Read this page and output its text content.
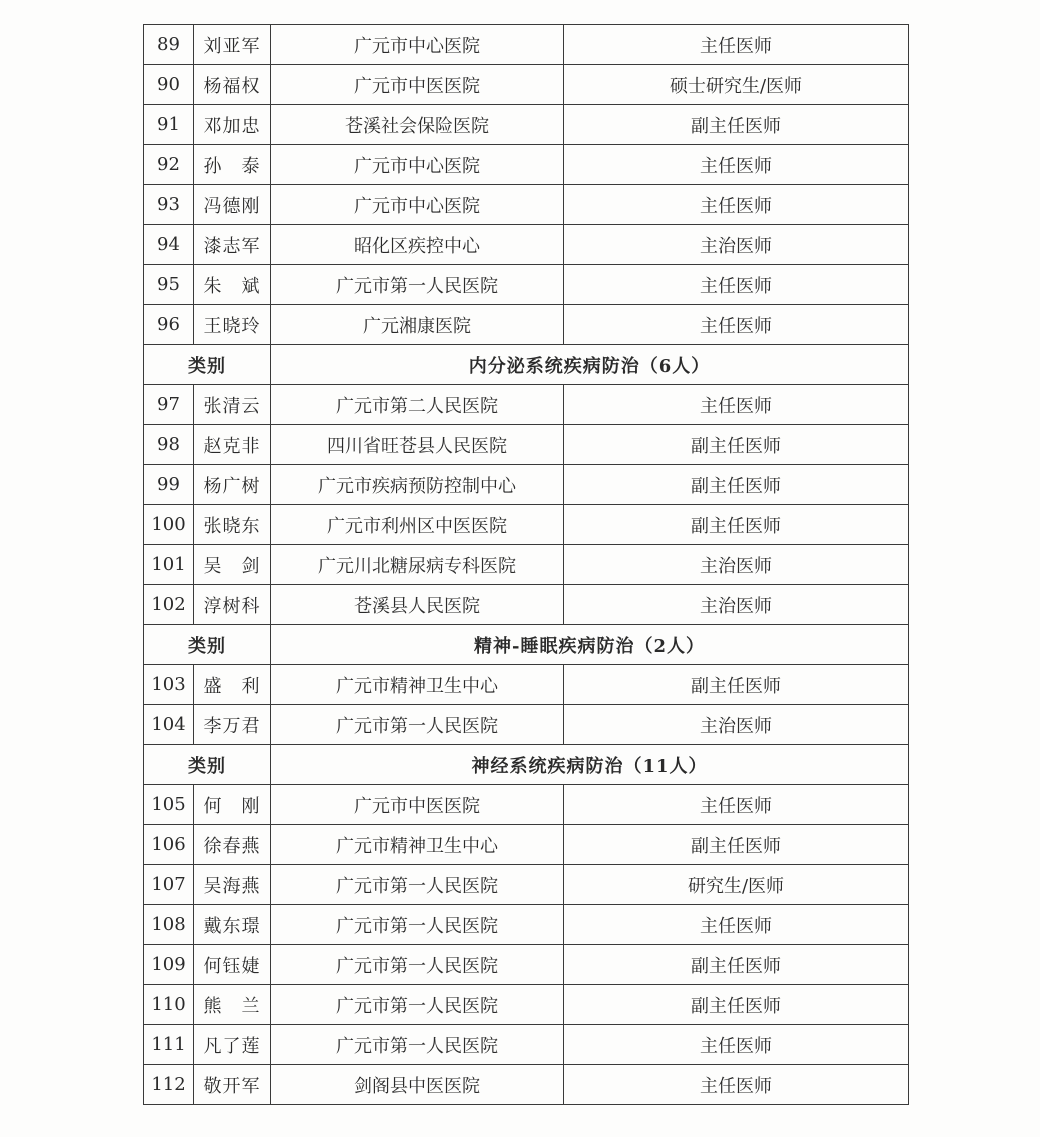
89	刘亚军	广元市中心医院	主任医师
90	杨福权	广元市中医医院	硕士研究生/医师
91	邓加忠	苍溪社会保险医院	副主任医师
92	孙　泰	广元市中心医院	主任医师
93	冯德刚	广元市中心医院	主任医师
94	漆志军	昭化区疾控中心	主治医师
95	朱　斌	广元市第一人民医院	主任医师
96	王晓玲	广元湘康医院	主任医师
类别		内分泌系统疾病防治（6人）	
97	张清云	广元市第二人民医院	主任医师
98	赵克非	四川省旺苍县人民医院	副主任医师
99	杨广树	广元市疾病预防控制中心	副主任医师
100	张晓东	广元市利州区中医医院	副主任医师
101	吴　剑	广元川北糖尿病专科医院	主治医师
102	淳树科	苍溪县人民医院	主治医师
类别		精神-睡眠疾病防治（2人）	
103	盛　利	广元市精神卫生中心	副主任医师
104	李万君	广元市第一人民医院	主治医师
类别		神经系统疾病防治（11人）	
105	何　刚	广元市中医医院	主任医师
106	徐春燕	广元市精神卫生中心	副主任医师
107	吴海燕	广元市第一人民医院	研究生/医师
108	戴东璟	广元市第一人民医院	主任医师
109	何钰婕	广元市第一人民医院	副主任医师
110	熊　兰	广元市第一人民医院	副主任医师
111	凡了莲	广元市第一人民医院	主任医师
112	敬开军	剑阁县中医医院	主任医师
